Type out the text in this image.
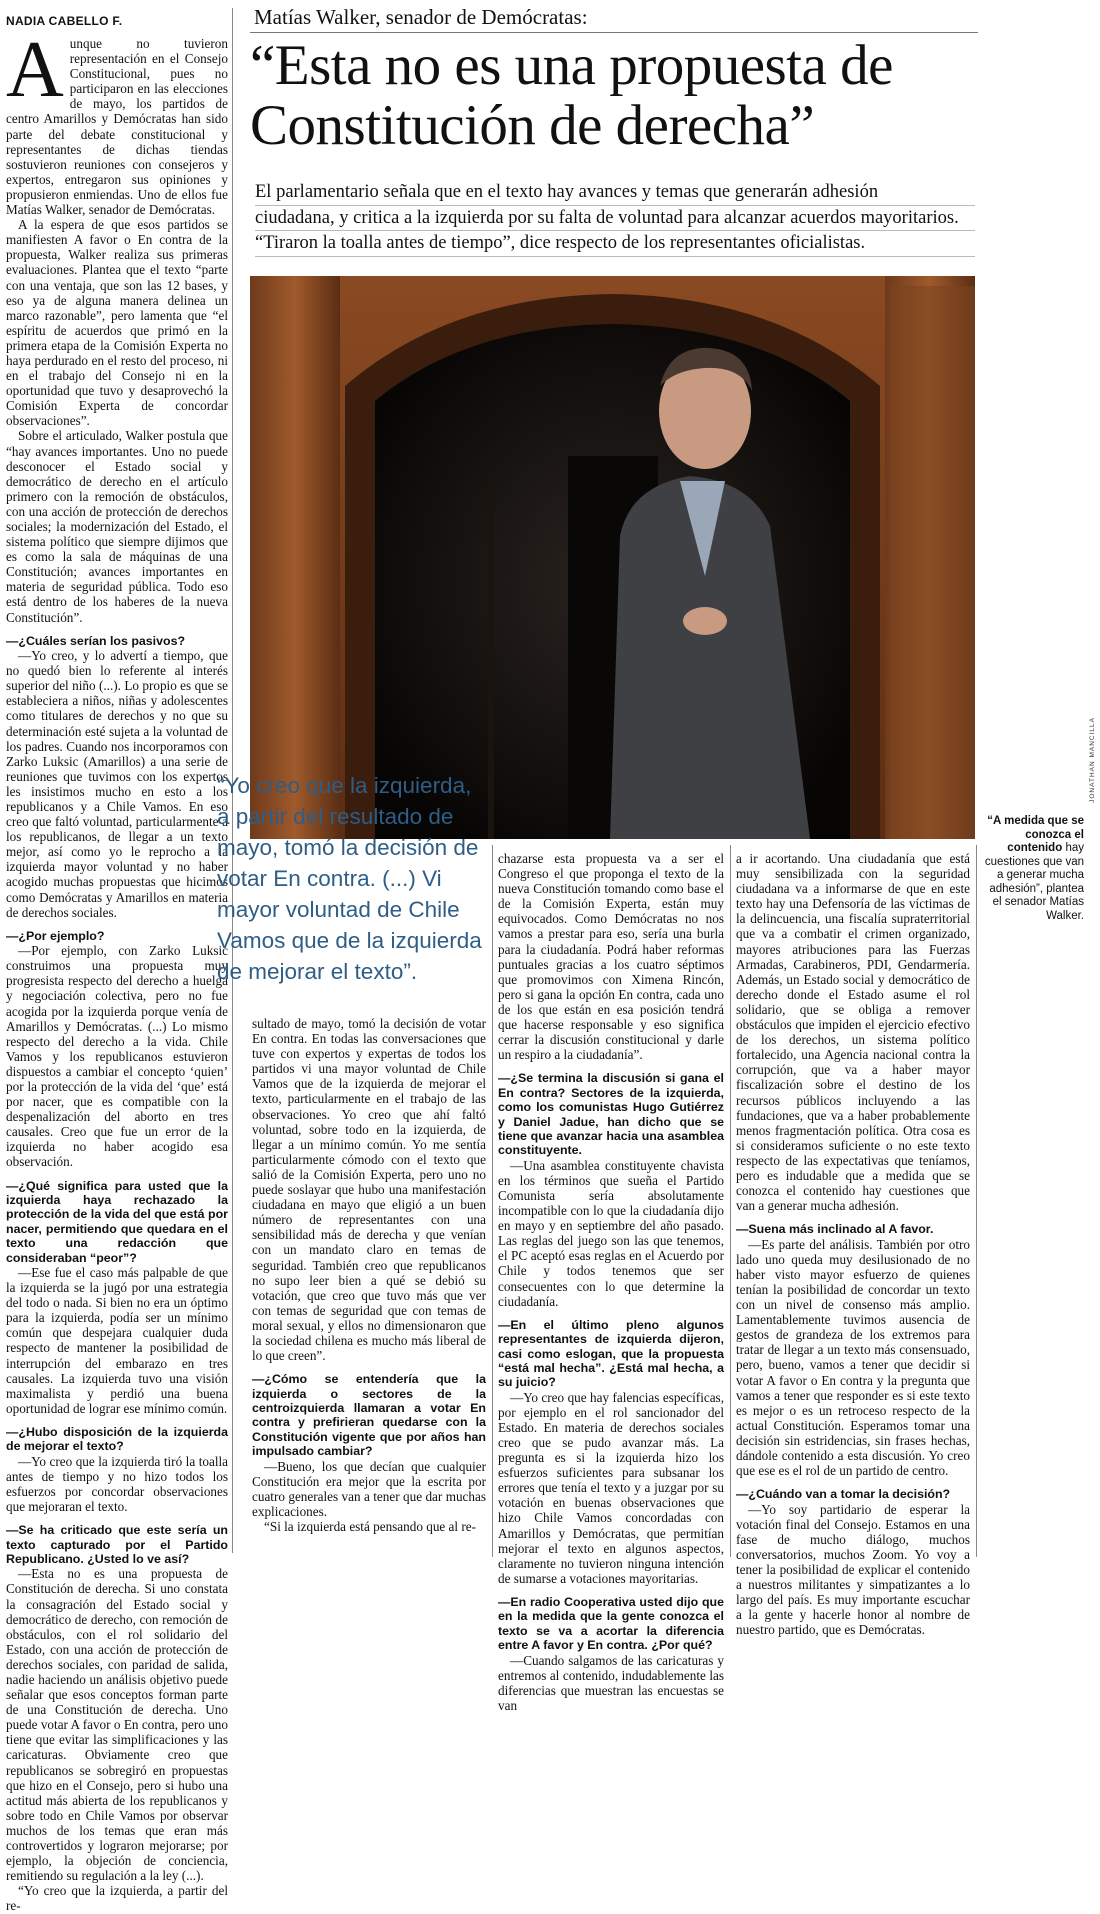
NADIA CABELLO F.

Aunque no tuvieron representación en el Consejo Constitucional, pues no participaron en las elecciones de mayo, los partidos de centro Amarillos y Demócratas han sido parte del debate constitucional y representantes de dichas tiendas sostuvieron reuniones con consejeros y expertos, entregaron sus opiniones y propusieron enmiendas. Uno de ellos fue Matías Walker, senador de Demócratas.

A la espera de que esos partidos se manifiesten A favor o En contra de la propuesta, Walker realiza sus primeras evaluaciones. Plantea que el texto “parte con una ventaja, que son las 12 bases, y eso ya de alguna manera delinea un marco razonable”, pero lamenta que “el espíritu de acuerdos que primó en la primera etapa de la Comisión Experta no haya perdurado en el resto del proceso, ni en el trabajo del Consejo ni en la oportunidad que tuvo y desaprovechó la Comisión Experta de concordar observaciones”.

Sobre el articulado, Walker postula que “hay avances importantes. Uno no puede desconocer el Estado social y democrático de derecho en el artículo primero con la remoción de obstáculos, con una acción de protección de derechos sociales; la modernización del Estado, el sistema político que siempre dijimos que es como la sala de máquinas de una Constitución; avances importantes en materia de seguridad pública. Todo eso está dentro de los haberes de la nueva Constitución”.

—¿Cuáles serían los pasivos?

—Yo creo, y lo advertí a tiempo, que no quedó bien lo referente al interés superior del niño (...). Lo propio es que se estableciera a niños, niñas y adolescentes como titulares de derechos y no que su determinación esté sujeta a la voluntad de los padres. Cuando nos incorporamos con Zarko Luksic (Amarillos) a una serie de reuniones que tuvimos con los expertos les insistimos mucho en esto a los republicanos y a Chile Vamos. En eso creo que faltó voluntad, particularmente a los republicanos, de llegar a un texto mejor, así como yo le reprocho a la izquierda mayor voluntad y no haber acogido muchas propuestas que hicimos como Demócratas y Amarillos en materia de derechos sociales.

—¿Por ejemplo?

—Por ejemplo, con Zarko Luksic construimos una propuesta muy progresista respecto del derecho a huelga y negociación colectiva, pero no fue acogida por la izquierda porque venía de Amarillos y Demócratas. (...) Lo mismo respecto del derecho a la vida. Chile Vamos y los republicanos estuvieron dispuestos a cambiar el concepto ‘quien’ por la protección de la vida del ‘que’ está por nacer, que es compatible con la despenalización del aborto en tres causales. Creo que fue un error de la izquierda no haber acogido esa observación.

—¿Qué significa para usted que la izquierda haya rechazado la protección de la vida del que está por nacer, permitiendo que quedara en el texto una redacción que consideraban “peor”?

—Ese fue el caso más palpable de que la izquierda se la jugó por una estrategia del todo o nada. Si bien no era un óptimo para la izquierda, podía ser un mínimo común que despejara cualquier duda respecto de mantener la posibilidad de interrupción del embarazo en tres causales. La izquierda tuvo una visión maximalista y perdió una buena oportunidad de lograr ese mínimo común.

—¿Hubo disposición de la izquierda de mejorar el texto?

—Yo creo que la izquierda tiró la toalla antes de tiempo y no hizo todos los esfuerzos por concordar observaciones que mejoraran el texto.

—Se ha criticado que este sería un texto capturado por el Partido Republicano. ¿Usted lo ve así?

—Esta no es una propuesta de Constitución de derecha. Si uno constata la consagración del Estado social y democrático de derecho, con remoción de obstáculos, con el rol solidario del Estado, con una acción de protección de derechos sociales, con paridad de salida, nadie haciendo un análisis objetivo puede señalar que esos conceptos forman parte de una Constitución de derecha. Uno puede votar A favor o En contra, pero uno tiene que evitar las simplificaciones y las caricaturas. Obviamente creo que republicanos se sobregiró en propuestas que hizo en el Consejo, pero si hubo una actitud más abierta de los republicanos y sobre todo en Chile Vamos por observar muchos de los temas que eran más controvertidos y lograron mejorarse; por ejemplo, la objeción de conciencia, remitiendo su regulación a la ley (...).

“Yo creo que la izquierda, a partir del re-

Matías Walker, senador de Demócratas:
“Esta no es una propuesta de Constitución de derecha”
El parlamentario señala que en el texto hay avances y temas que generarán adhesión
ciudadana, y critica a la izquierda por su falta de voluntad para alcanzar acuerdos mayoritarios.
“Tiraron la toalla antes de tiempo”, dice respecto de los representantes oficialistas.
JONATHAN MANCILLA
“Yo creo que la izquierda, a partir del resultado de mayo, tomó la decisión de votar En contra. (...) Vi mayor voluntad de Chile Vamos que de la izquierda de mejorar el texto”.
“A medida que se conozca el contenido hay cuestiones que van a generar mucha adhesión”, plantea el senador Matías Walker.

sultado de mayo, tomó la decisión de votar En contra. En todas las conversaciones que tuve con expertos y expertas de todos los partidos vi una mayor voluntad de Chile Vamos que de la izquierda de mejorar el texto, particularmente en el trabajo de las observaciones. Yo creo que ahí faltó voluntad, sobre todo en la izquierda, de llegar a un mínimo común. Yo me sentía particularmente cómodo con el texto que salió de la Comisión Experta, pero uno no puede soslayar que hubo una manifestación ciudadana en mayo que eligió a un buen número de representantes con una sensibilidad más de derecha y que venían con un mandato claro en temas de seguridad. También creo que republicanos no supo leer bien a qué se debió su votación, que creo que tuvo más que ver con temas de seguridad que con temas de moral sexual, y ellos no dimensionaron que la sociedad chilena es mucho más liberal de lo que creen”.

—¿Cómo se entendería que la izquierda o sectores de la centroizquierda llamaran a votar En contra y prefirieran quedarse con la Constitución vigente que por años han impulsado cambiar?

—Bueno, los que decían que cualquier Constitución era mejor que la escrita por cuatro generales van a tener que dar muchas explicaciones.

“Si la izquierda está pensando que al re-

chazarse esta propuesta va a ser el Congreso el que proponga el texto de la nueva Constitución tomando como base el de la Comisión Experta, están muy equivocados. Como Demócratas no nos vamos a prestar para eso, sería una burla para la ciudadanía. Podrá haber reformas puntuales gracias a los cuatro séptimos que promovimos con Ximena Rincón, pero si gana la opción En contra, cada uno de los que están en esa posición tendrá que hacerse responsable y eso significa cerrar la discusión constitucional y darle un respiro a la ciudadanía”.

—¿Se termina la discusión si gana el En contra? Sectores de la izquierda, como los comunistas Hugo Gutiérrez y Daniel Jadue, han dicho que se tiene que avanzar hacia una asamblea constituyente.

—Una asamblea constituyente chavista en los términos que sueña el Partido Comunista sería absolutamente incompatible con lo que la ciudadanía dijo en mayo y en septiembre del año pasado. Las reglas del juego son las que tenemos, el PC aceptó esas reglas en el Acuerdo por Chile y todos tenemos que ser consecuentes con lo que determine la ciudadanía.

—En el último pleno algunos representantes de izquierda dijeron, casi como eslogan, que la propuesta “está mal hecha”. ¿Está mal hecha, a su juicio?

—Yo creo que hay falencias específicas, por ejemplo en el rol sancionador del Estado. En materia de derechos sociales creo que se pudo avanzar más. La pregunta es si la izquierda hizo los esfuerzos suficientes para subsanar los errores que tenía el texto y a juzgar por su votación en buenas observaciones que hizo Chile Vamos concordadas con Amarillos y Demócratas, que permitían mejorar el texto en algunos aspectos, claramente no tuvieron ninguna intención de sumarse a votaciones mayoritarias.

—En radio Cooperativa usted dijo que en la medida que la gente conozca el texto se va a acortar la diferencia entre A favor y En contra. ¿Por qué?

—Cuando salgamos de las caricaturas y entremos al contenido, indudablemente las diferencias que muestran las encuestas se van

a ir acortando. Una ciudadanía que está muy sensibilizada con la seguridad ciudadana va a informarse de que en este texto hay una Defensoría de las víctimas de la delincuencia, una fiscalía supraterritorial que va a combatir el crimen organizado, mayores atribuciones para las Fuerzas Armadas, Carabineros, PDI, Gendarmería. Además, un Estado social y democrático de derecho donde el Estado asume el rol solidario, que se obliga a remover obstáculos que impiden el ejercicio efectivo de los derechos, un sistema político fortalecido, una Agencia nacional contra la corrupción, que va a haber mayor fiscalización sobre el destino de los recursos públicos incluyendo a las fundaciones, que va a haber probablemente menos fragmentación política. Otra cosa es si consideramos suficiente o no este texto respecto de las expectativas que teníamos, pero es indudable que a medida que se conozca el contenido hay cuestiones que van a generar mucha adhesión.

—Suena más inclinado al A favor.

—Es parte del análisis. También por otro lado uno queda muy desilusionado de no haber visto mayor esfuerzo de quienes tenían la posibilidad de concordar un texto con un nivel de consenso más amplio. Lamentablemente tuvimos ausencia de gestos de grandeza de los extremos para tratar de llegar a un texto más consensuado, pero, bueno, vamos a tener que decidir si votar A favor o En contra y la pregunta que vamos a tener que responder es si este texto es mejor o es un retroceso respecto de la actual Constitución. Esperamos tomar una decisión sin estridencias, sin frases hechas, dándole contenido a esta discusión. Yo creo que ese es el rol de un partido de centro.

—¿Cuándo van a tomar la decisión?

—Yo soy partidario de esperar la votación final del Consejo. Estamos en una fase de mucho diálogo, muchos conversatorios, muchos Zoom. Yo voy a tener la posibilidad de explicar el contenido a nuestros militantes y simpatizantes a lo largo del país. Es muy importante escuchar a la gente y hacerle honor al nombre de nuestro partido, que es Demócratas.
